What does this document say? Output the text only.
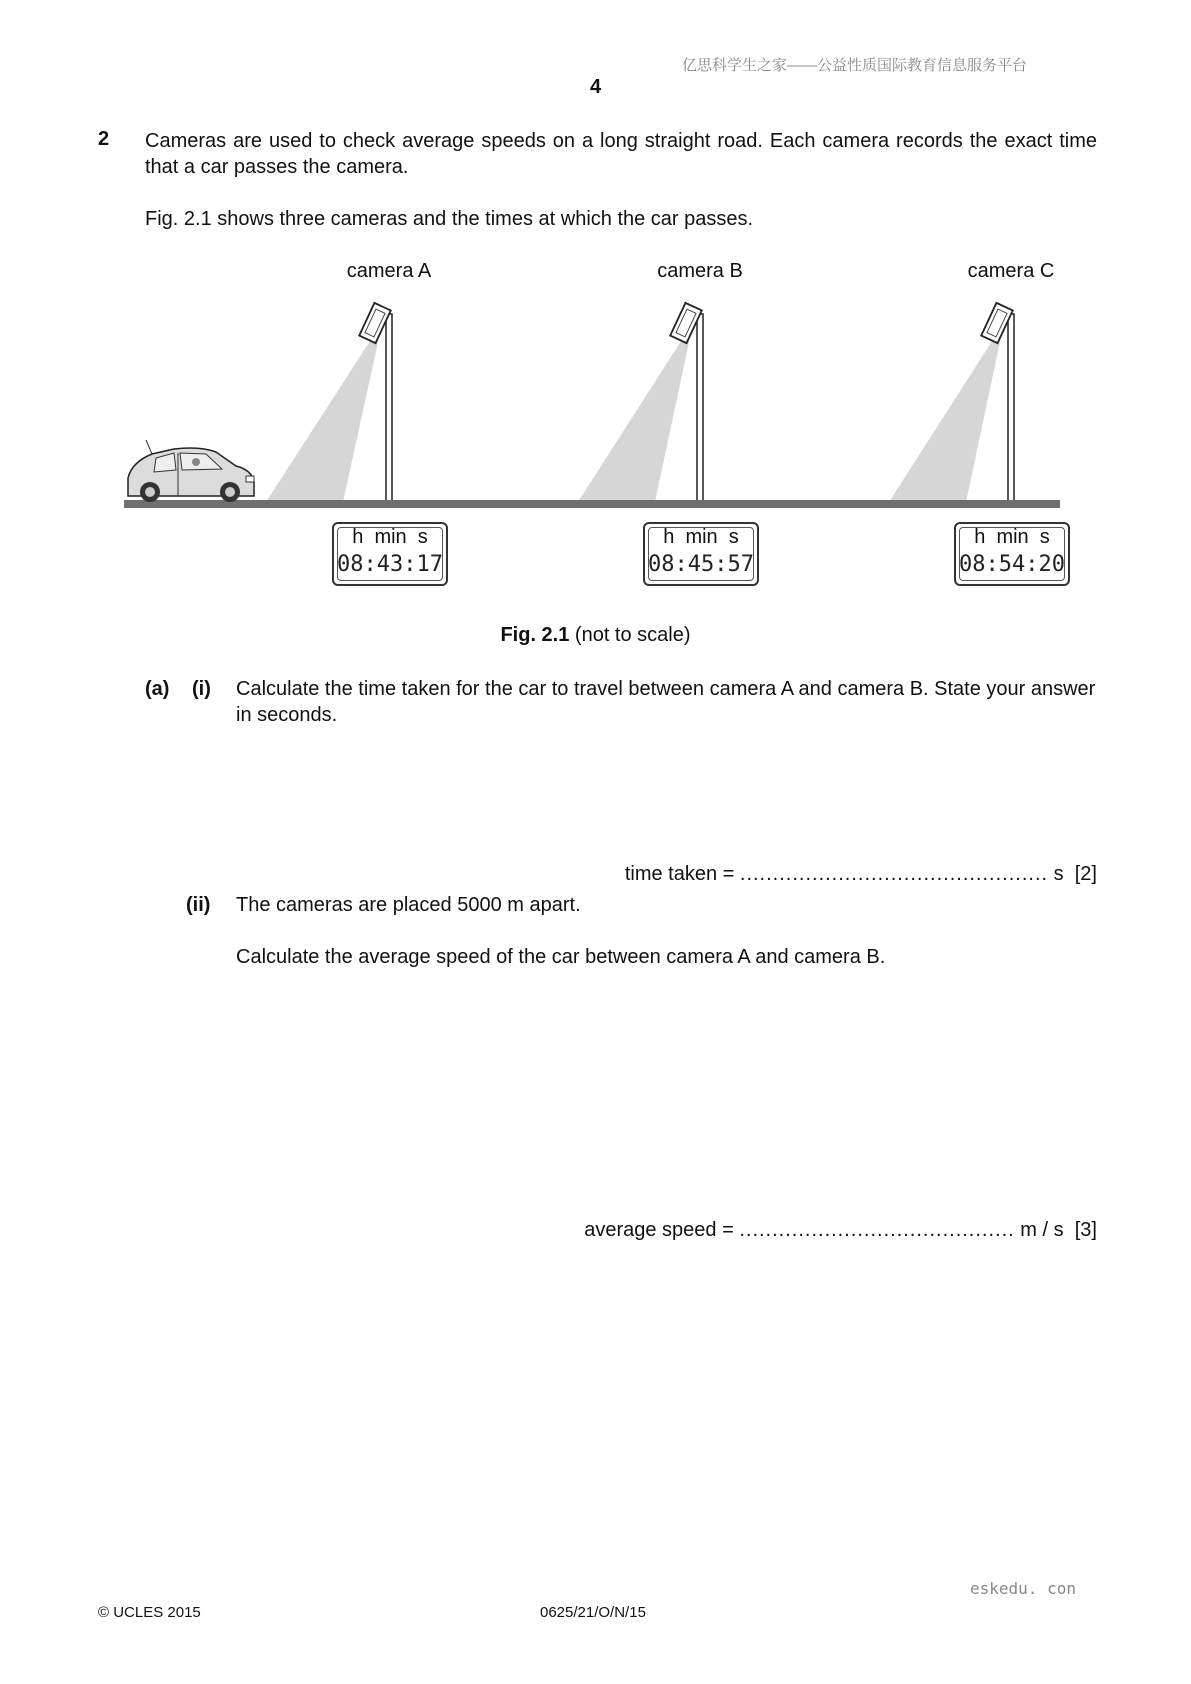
亿思科学生之家——公益性质国际教育信息服务平台
4
2 Cameras are used to check average speeds on a long straight road. Each camera records the exact time that a car passes the camera.
Fig. 2.1 shows three cameras and the times at which the car passes.
camera A	camera B	camera C
h  min  s
08:43:17
h  min  s
08:45:57
h  min  s
08:54:20
Fig. 2.1 (not to scale)
(a) (i) Calculate the time taken for the car to travel between camera A and camera B. State your answer in seconds.

time taken = ............................................... s [2]

(ii) The cameras are placed 5000 m apart.
Calculate the average speed of the car between camera A and camera B.

average speed = .......................................... m / s [3]

eskedu. con
© UCLES 2015	0625/21/O/N/15
